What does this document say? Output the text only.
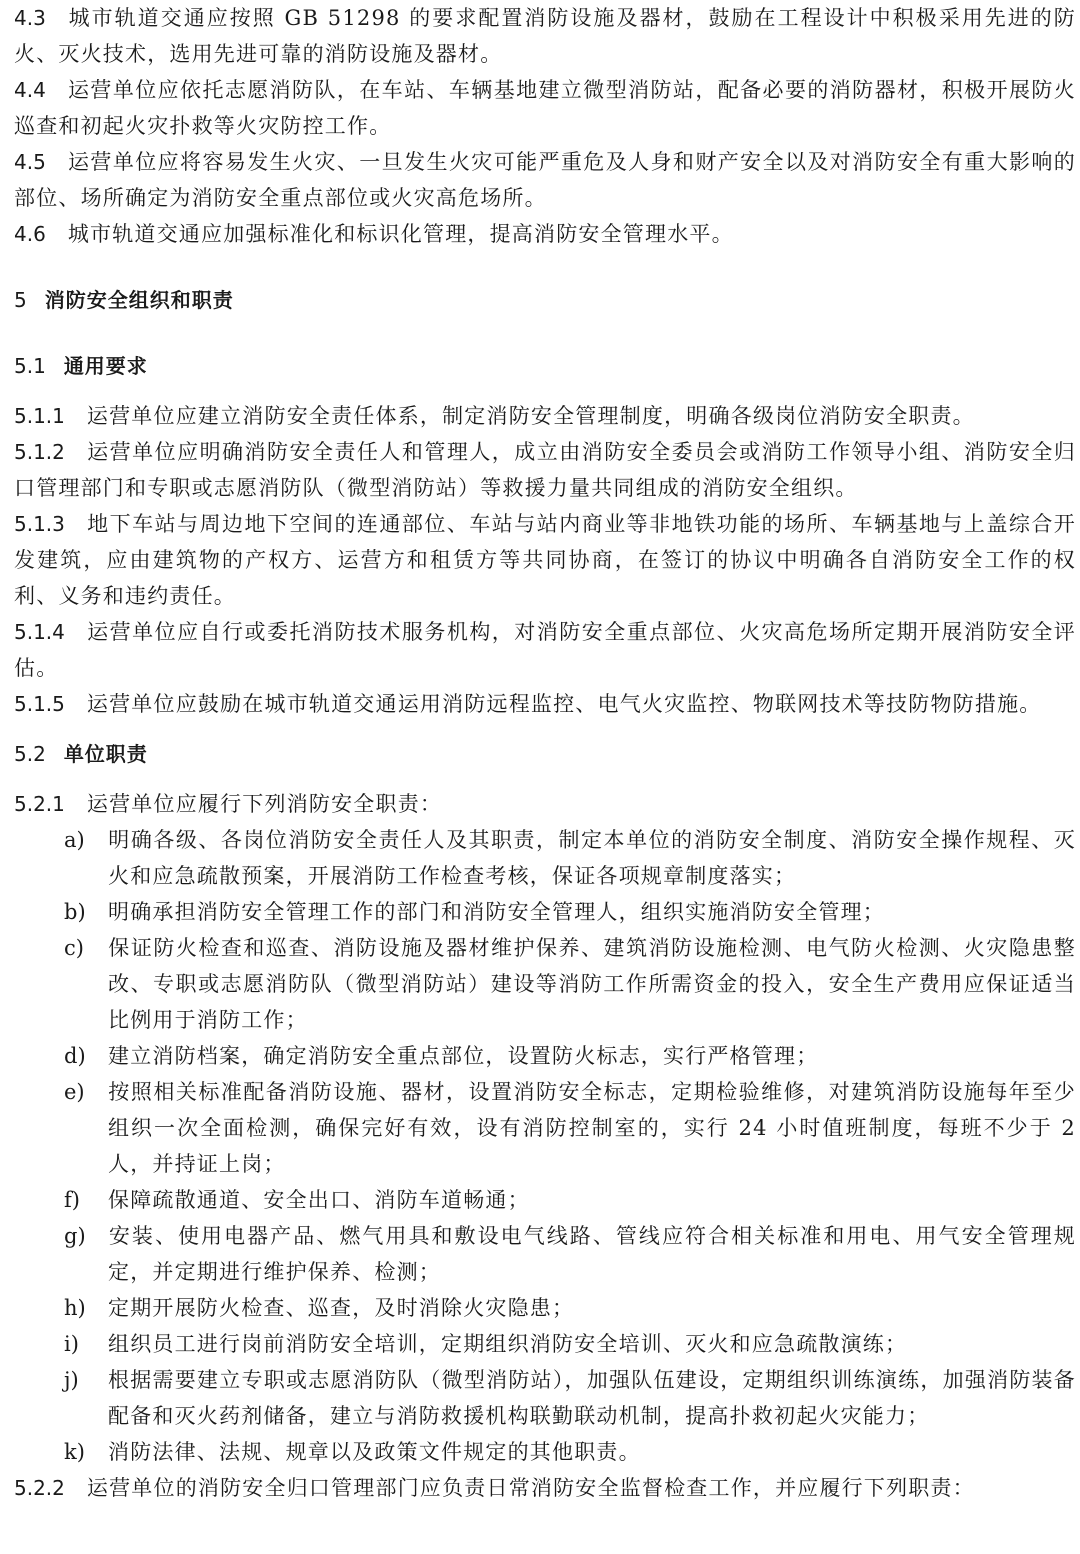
4.3 城市轨道交通应按照 GB 51298 的要求配置消防设施及器材，鼓励在工程设计中积极采用先进的防火、灭火技术，选用先进可靠的消防设施及器材。

4.4 运营单位应依托志愿消防队，在车站、车辆基地建立微型消防站，配备必要的消防器材，积极开展防火巡查和初起火灾扑救等火灾防控工作。

4.5 运营单位应将容易发生火灾、一旦发生火灾可能严重危及人身和财产安全以及对消防安全有重大影响的部位、场所确定为消防安全重点部位或火灾高危场所。

4.6 城市轨道交通应加强标准化和标识化管理，提高消防安全管理水平。

5 消防安全组织和职责

5.1 通用要求

5.1.1 运营单位应建立消防安全责任体系，制定消防安全管理制度，明确各级岗位消防安全职责。

5.1.2 运营单位应明确消防安全责任人和管理人，成立由消防安全委员会或消防工作领导小组、消防安全归口管理部门和专职或志愿消防队（微型消防站）等救援力量共同组成的消防安全组织。

5.1.3 地下车站与周边地下空间的连通部位、车站与站内商业等非地铁功能的场所、车辆基地与上盖综合开发建筑，应由建筑物的产权方、运营方和租赁方等共同协商，在签订的协议中明确各自消防安全工作的权利、义务和违约责任。

5.1.4 运营单位应自行或委托消防技术服务机构，对消防安全重点部位、火灾高危场所定期开展消防安全评估。

5.1.5 运营单位应鼓励在城市轨道交通运用消防远程监控、电气火灾监控、物联网技术等技防物防措施。

5.2 单位职责

5.2.1 运营单位应履行下列消防安全职责：

a) 明确各级、各岗位消防安全责任人及其职责，制定本单位的消防安全制度、消防安全操作规程、灭火和应急疏散预案，开展消防工作检查考核，保证各项规章制度落实；

b) 明确承担消防安全管理工作的部门和消防安全管理人，组织实施消防安全管理；

c) 保证防火检查和巡查、消防设施及器材维护保养、建筑消防设施检测、电气防火检测、火灾隐患整改、专职或志愿消防队（微型消防站）建设等消防工作所需资金的投入，安全生产费用应保证适当比例用于消防工作；

d) 建立消防档案，确定消防安全重点部位，设置防火标志，实行严格管理；

e) 按照相关标准配备消防设施、器材，设置消防安全标志，定期检验维修，对建筑消防设施每年至少组织一次全面检测，确保完好有效，设有消防控制室的，实行 24 小时值班制度，每班不少于 2 人，并持证上岗；

f) 保障疏散通道、安全出口、消防车道畅通；

g) 安装、使用电器产品、燃气用具和敷设电气线路、管线应符合相关标准和用电、用气安全管理规定，并定期进行维护保养、检测；

h) 定期开展防火检查、巡查，及时消除火灾隐患；

i) 组织员工进行岗前消防安全培训，定期组织消防安全培训、灭火和应急疏散演练；

j) 根据需要建立专职或志愿消防队（微型消防站），加强队伍建设，定期组织训练演练，加强消防装备配备和灭火药剂储备，建立与消防救援机构联勤联动机制，提高扑救初起火灾能力；

k) 消防法律、法规、规章以及政策文件规定的其他职责。

5.2.2 运营单位的消防安全归口管理部门应负责日常消防安全监督检查工作，并应履行下列职责：
